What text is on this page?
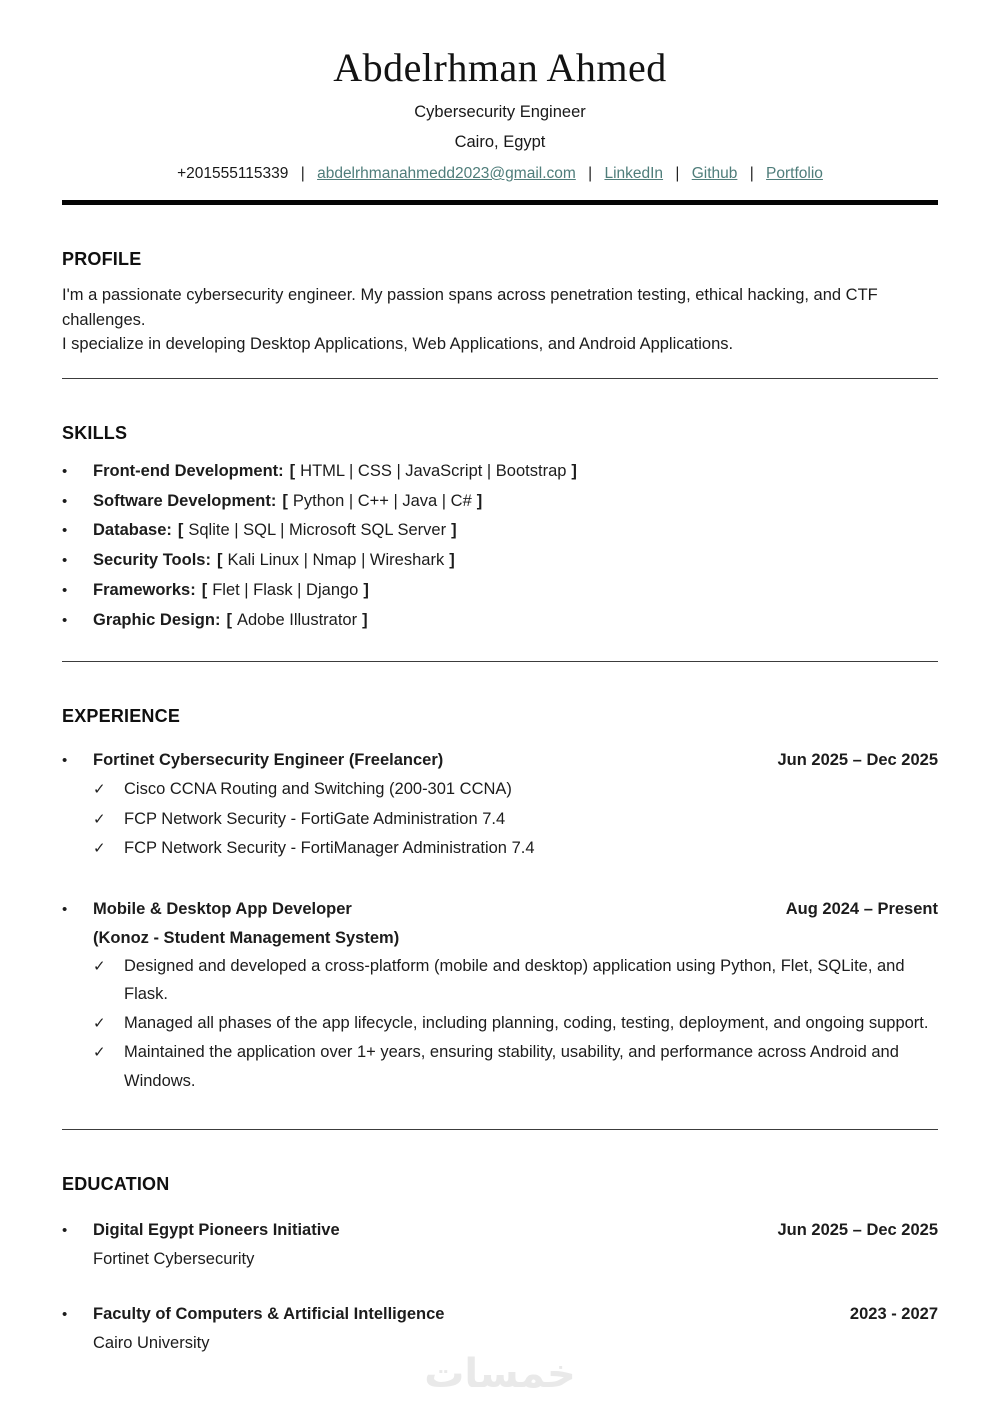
Abdelrhman Ahmed
Cybersecurity Engineer
Cairo, Egypt
+201555115339 | abdelrhmanahmedd2023@gmail.com | LinkedIn | Github | Portfolio
PROFILE

I'm a passionate cybersecurity engineer. My passion spans across penetration testing, ethical hacking, and CTF challenges.

I specialize in developing Desktop Applications, Web Applications, and Android Applications.

SKILLS
•	Front-end Development: [ HTML | CSS | JavaScript | Bootstrap ]
•	Software Development: [ Python | C++ | Java | C# ]
•	Database: [ Sqlite | SQL | Microsoft SQL Server ]
•	Security Tools: [ Kali Linux | Nmap | Wireshark ]
•	Frameworks: [ Flet | Flask | Django ]
•	Graphic Design: [ Adobe Illustrator ]
EXPERIENCE
•	Fortinet Cybersecurity Engineer (Freelancer)	Jun 2025 – Dec 2025
✓	Cisco CCNA Routing and Switching (200-301 CCNA)
✓	FCP Network Security - FortiGate Administration 7.4
✓	FCP Network Security - FortiManager Administration 7.4
•	Mobile & Desktop App Developer	Aug 2024 – Present
(Konoz - Student Management System)
✓	Designed and developed a cross-platform (mobile and desktop) application using Python, Flet, SQLite, and Flask.
✓	Managed all phases of the app lifecycle, including planning, coding, testing, deployment, and ongoing support.
✓	Maintained the application over 1+ years, ensuring stability, usability, and performance across Android and Windows.
EDUCATION
•	Digital Egypt Pioneers Initiative	Jun 2025 – Dec 2025
Fortinet Cybersecurity
•	Faculty of Computers & Artificial Intelligence	2023 - 2027
Cairo University
خمسات
